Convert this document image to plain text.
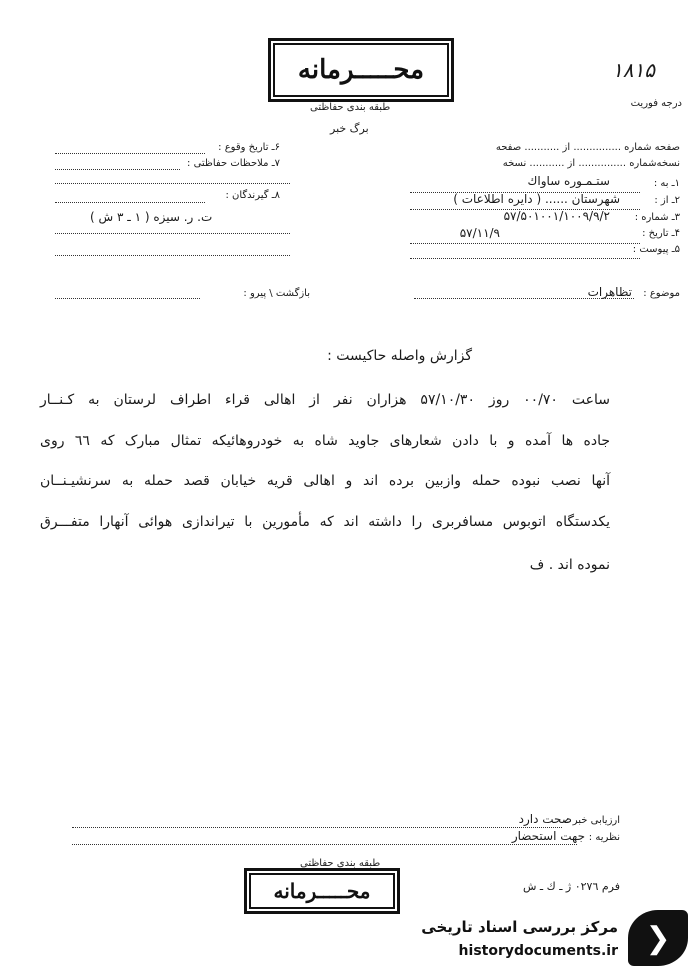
محـــــرمانه	۱۸۱۵
درجه فوریت
طبقه بندی حفاظتی
برگ خبر
صفحه شماره ............... از ........... صفحه
نسخه‌شماره ............... از ........... نسخه
۱ـ به :
ستـمـوره ساواك
۲ـ از :
شهرستان ...... ( دایره اطلاعات )
۳ـ شماره :
۵۷/۵۰۱۰۰۱/۱۰۰۹/۹/۲
۴ـ تاریخ :
۵۷/۱۱/۹
۵ـ پیوست :
۶ـ تاریخ وقوع :
۷ـ ملاحظات حفاظتی :
۸ـ گیرندگان :
ت. ر. سیزه ( ۱ ـ ۳ ش )
موضوع :
تظاهرات
بازگشت \ پیرو :
گزارش واصله حاکیست :
ساعت ۰۰/۷۰ روز ۵۷/۱۰/۳۰ هزاران نفر از اهالی قراء اطراف لرستان به کـنــار
جاده ها آمده و با دادن شعارهای جاوید شاه به خودروهائیکه تمثال مبارک که ٦٦ روی
آنها نصب نبوده حمله وازبین برده اند و اهالی قریه خیابان قصد حمله به سرنشیـنــان
یکدستگاه اتوبوس مسافربری را داشته اند که مأمورین با تیراندازی هوائی آنهارا متفـــرق
نموده اند . ف
ارزیابی خبر :
صحت دارد
نظریه :
جهت استحضار
طبقه بندی حفاظتی
محـــــرمانه	فرم ۰۲۷٦ ژ ـ ك ـ ش
❮
مرکز بررسی اسناد تاریخی
historydocuments.ir
